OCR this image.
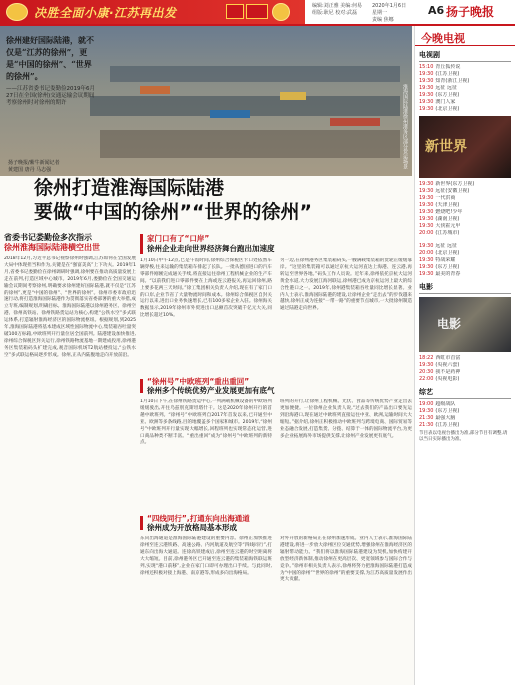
决胜全面小康·江苏再出发	编辑:刘正雅 美编:何易
组版:耿尼 校对:武磊
2020年1月6日
星期一
责编 焦娜
A6 扬子晚报
徐州建好国际陆港，就不仅是“江苏的徐州”，更是“中国的徐州”、“世界的徐州”。
——江苏省委书记娄勤俭2019年6月27日在全国(徐州)交通运输会议期间考察徐州时对徐州的期许	淮海国际陆港徐州港务区部分货运场景
扬子晚报/紫牛新闻记者
黄建国 唐丹 马志强
徐州打造淮海国际陆港
要做“中国的徐州”“世界的徐州”
省委书记娄勤俭多次指示
徐州淮海国际陆港横空出世
2018年12月,习近平总书记视察徐州时强调,江苏如何在全国发展大局中体现担当和作为,关键是在“强富美高”上下功夫。2019年1月,省委书记娄勤俭在徐州调研时强调,徐州要在推动高质量发展上走在前列,打造区域中心城市。2019年6月,娄勤俭在全国交通运输会议期间考察徐州,明确要求徐州建好国际陆港,就不仅是“江苏的徐州”,更是“中国的徐州”、“世界的徐州”。徐州市委市政府迅速行动,将打造淮海国际陆港作为贯彻落实省委部署的重大举措,成立专班,编制规划,明确目标。淮海国际陆港以徐州港务区、徐州空港、徐州高铁站、徐州铁路货运站为核心,构建“公铁水空”多式联运体系,打造辐射淮海经济区的国际物流枢纽。根据规划,到2025年,淮海国际陆港将基本建成区域性国际物流中心,集装箱吞吐量突破100万标箱,中欧班列开行量位居全国前列。陆港建设加快推进,徐州综合保税区封关运行,徐州铁路物流基地一期建成投用,徐州港务区集装箱码头扩建完成,观音国际机场T2航站楼投运,“公铁水空”多式联运格局逐步形成。徐州,正从内陆腹地走向开放前沿。
家门口有了“口岸”
徐州企业走向世界经济舞台跑出加速度
1月10日中午12点,已是午饭时间,徐州综合保税区卡口处依然车辆穿梭,往来运输的集装箱车排起了长队。一批从德国进口的汽车零部件刚刚完成通关手续,将直接运往徐州工程机械企业的生产车间。“以前我们进口零部件要在上海或连云港报关,再运回徐州,路上要多花两三天时间。”徐工集团相关负责人介绍,现在有了家门口的口岸,企业节省了大量物流时间和成本。徐州综合保税区自封关运行以来,进出口业务快速增长,已有100多家企业入驻。徐州海关数据显示,2019年徐州市外贸进出口总额首次突破千亿元大关,同比增长超过10%。
另一边,在徐州港务区集装箱码头,一艘满载集装箱的货轮正缓缓靠岸。“这里的集装箱可以通过京杭大运河直达上海港、连云港,再转运至世界各地。”码头工作人员说。近年来,徐州依托京杭大运河黄金水道,大力发展江海河联运,徐州港已成为京杭运河上最大的综合性港口之一。2019年,徐州港集装箱吞吐量同比增长显著。业内人士表示,淮海国际陆港的建设,让徐州企业“走出去”的步伐越来越快,徐州正成为连接“一带一路”的重要节点城市,一大批徐州制造通过陆港走向世界。
“徐州号”中欧班列“重出重回”
徐州多个传统优势产业发展更加有底气
1月10日下午,在徐州铁路货运中心,一列满载机械设备的中欧班列缓缓驶出,开往乌兹别克斯坦塔什干。这是2020年徐州开行的首趟中欧班列。“徐州号”中欧班列自2017年首发以来,已开通至中亚、欧洲等多条线路,目的地覆盖多个国家和城市。2019年,“徐州号”中欧班列开行量实现大幅增长,回程班列也实现常态化运营,进口商品种类不断丰富。“重出重回”成为“徐州号”中欧班列的新特点。
班列的开行,让徐州工程机械、光伏、食品等传统优势产业走出去更加便捷。一位徐州企业负责人说,“过去我们的产品出口要先运到沿海港口,现在通过中欧班列直接运往中亚、欧洲,运输时间大大缩短。”据介绍,徐州正积极推动中欧班列与跨境电商、国际贸易等业态融合发展,打造集货、分拨、结算于一体的国际物流平台,为更多企业拓展海外市场提供支撑,让徐州产业发展更有底气。
“四线同行”,打通东向出海通道
徐州成为开放格局基本形成
东向出海通道是淮海国际陆港建设的重要内容。徐州正加快推进徐州至连云港铁路、高速公路、内河航道及航空等“四线同行”,打通东向出海大通道。连徐高铁建成后,徐州至连云港的时空距离将大大缩短。目前,徐州港务区已开通至连云港的集装箱海铁联运班列,实现“港口前移”,企业在家门口即可办理出口手续。与此同时,徐州还积极对接上海港、南京港等,形成多向出海格局。
对外开放的新格局正在徐州加速形成。业内人士表示,淮海国际陆港建设,将进一步放大徐州区位交通优势,增强徐州在淮海经济区的辐射带动能力。“我们将以淮海国际陆港建设为契机,加快构建开放型经济新体制,推动徐州在更高层次、更宽领域参与国际合作与竞争。”徐州市相关负责人表示,徐州将努力把淮海国际陆港打造成为“中国的徐州”“世界的徐州”的重要支撑,为江苏高质量发展作出更大贡献。
今晚电视
电视剧
15:10 青丘狐传说
19:30 (江苏卫视)
19:30 知青(浙江卫视)
19:30 远征 远征
19:30 (东方卫视)
19:30 澳门人家
19:30 (北京卫视)
新世界
19:30 新世界(东方卫视)
19:30 远征(安徽卫视)
19:30 一代洪商
19:30 (天津卫视)
19:30 燃烧吧!少年
19:30 (湖南卫视)
19:30 大侠霍元甲
20:00 (江苏城市)
19:30 远征 远征
20:00 (北京卫视)
19:30 特战荣耀
19:30 (东方卫视)
19:30 最美的青春
电影
电影
18:22 西虹市首富
19:30 (央视六套)
20:30 我不是药神
22:00 (央视电影)
综艺
19:00 超级战队
19:30 (东方卫视)
21:30 最强大脑
21:30 (江苏卫视)
节目表以电视台播出为准,部分节目有调整,请以当日实际播出为准。
